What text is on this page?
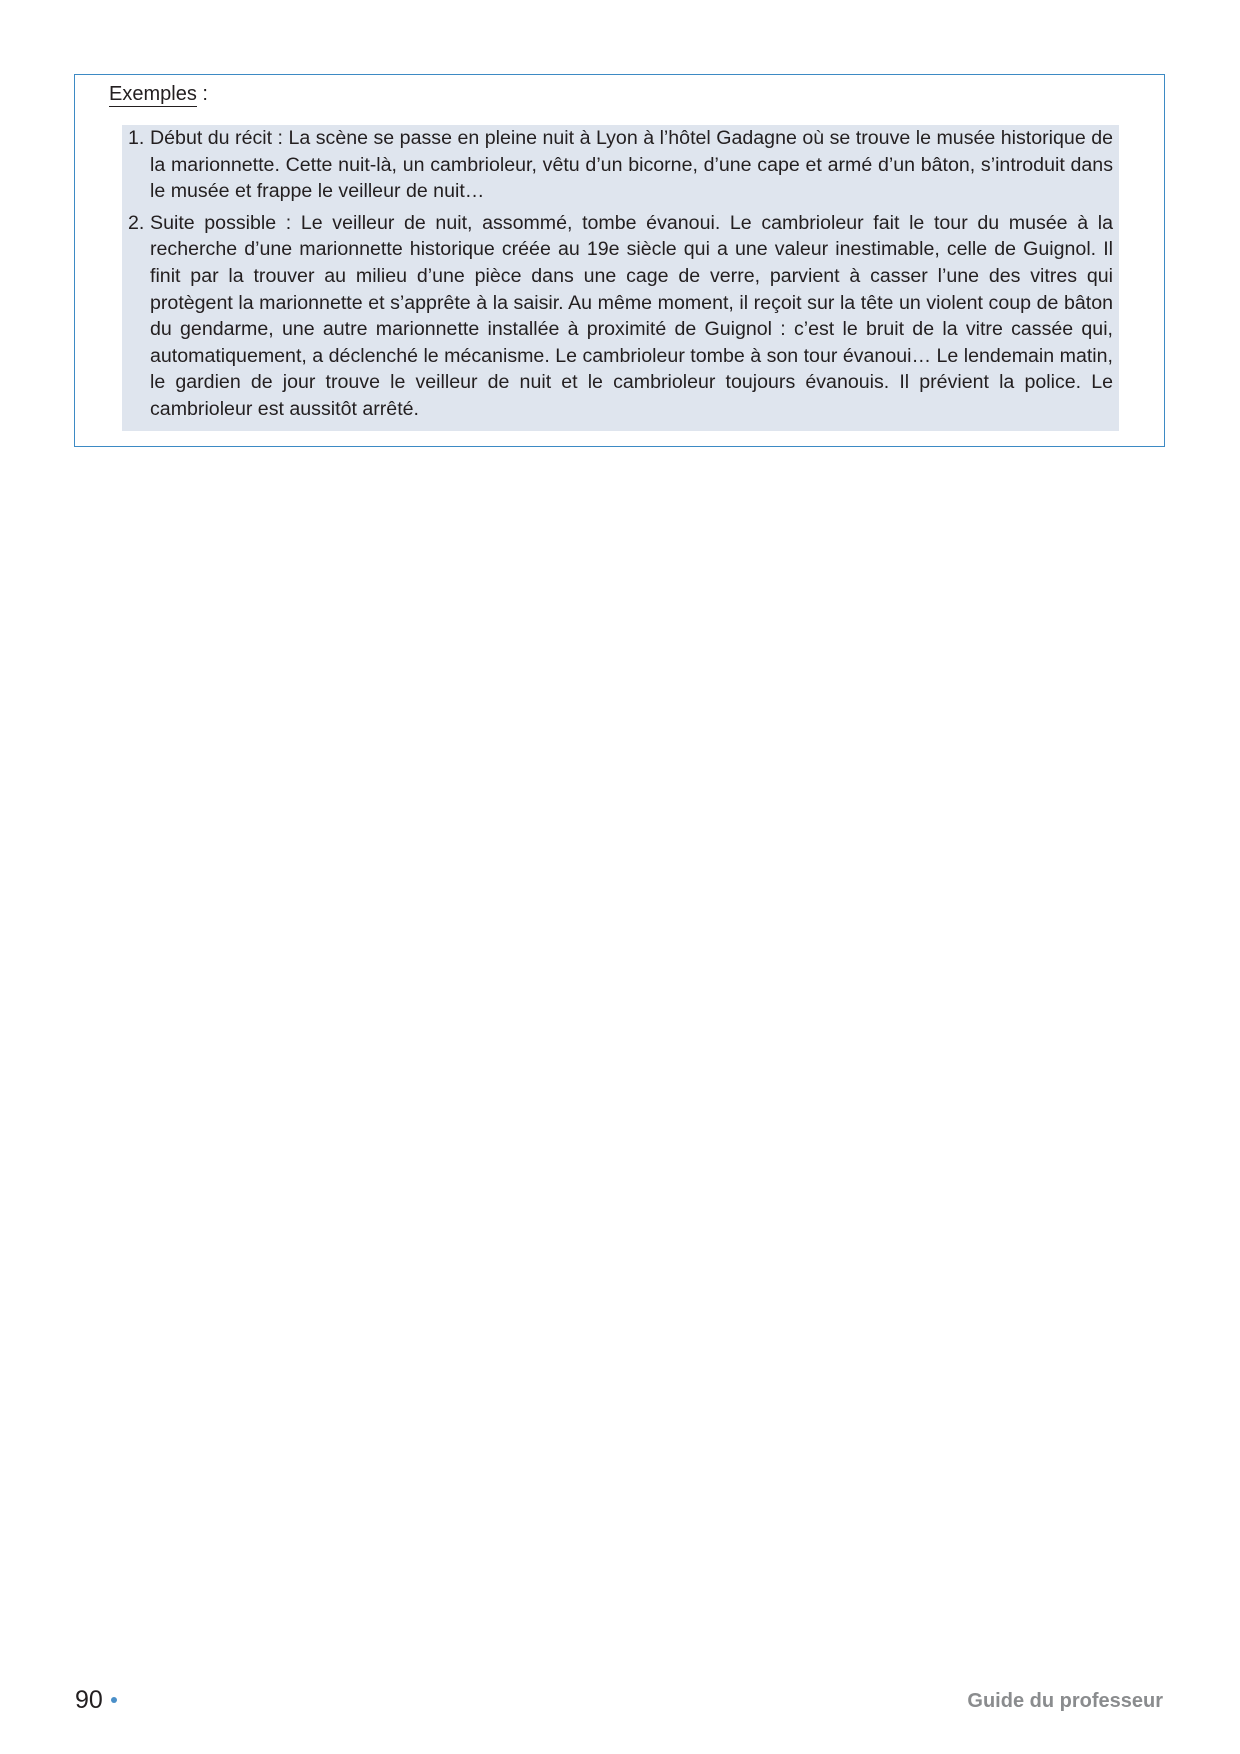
Exemples :

1. Début du récit : La scène se passe en pleine nuit à Lyon à l’hôtel Gadagne où se trouve le musée historique de la marionnette. Cette nuit-là, un cambrioleur, vêtu d’un bicorne, d’une cape et armé d’un bâton, s’introduit dans le musée et frappe le veilleur de nuit…
2. Suite possible : Le veilleur de nuit, assommé, tombe évanoui. Le cambrioleur fait le tour du musée à la recherche d’une marionnette historique créée au 19e siècle qui a une valeur inestimable, celle de Guignol. Il finit par la trouver au milieu d’une pièce dans une cage de verre, parvient à casser l’une des vitres qui protègent la marionnette et s’apprête à la saisir. Au même moment, il reçoit sur la tête un violent coup de bâton du gendarme, une autre marionnette installée à proximité de Guignol : c’est le bruit de la vitre cassée qui, automatiquement, a déclenché le mécanisme. Le cambrioleur tombe à son tour évanoui… Le lendemain matin, le gardien de jour trouve le veilleur de nuit et le cambrioleur toujours évanouis. Il prévient la police. Le cambrioleur est aussitôt arrêté.
90	Guide du professeur
